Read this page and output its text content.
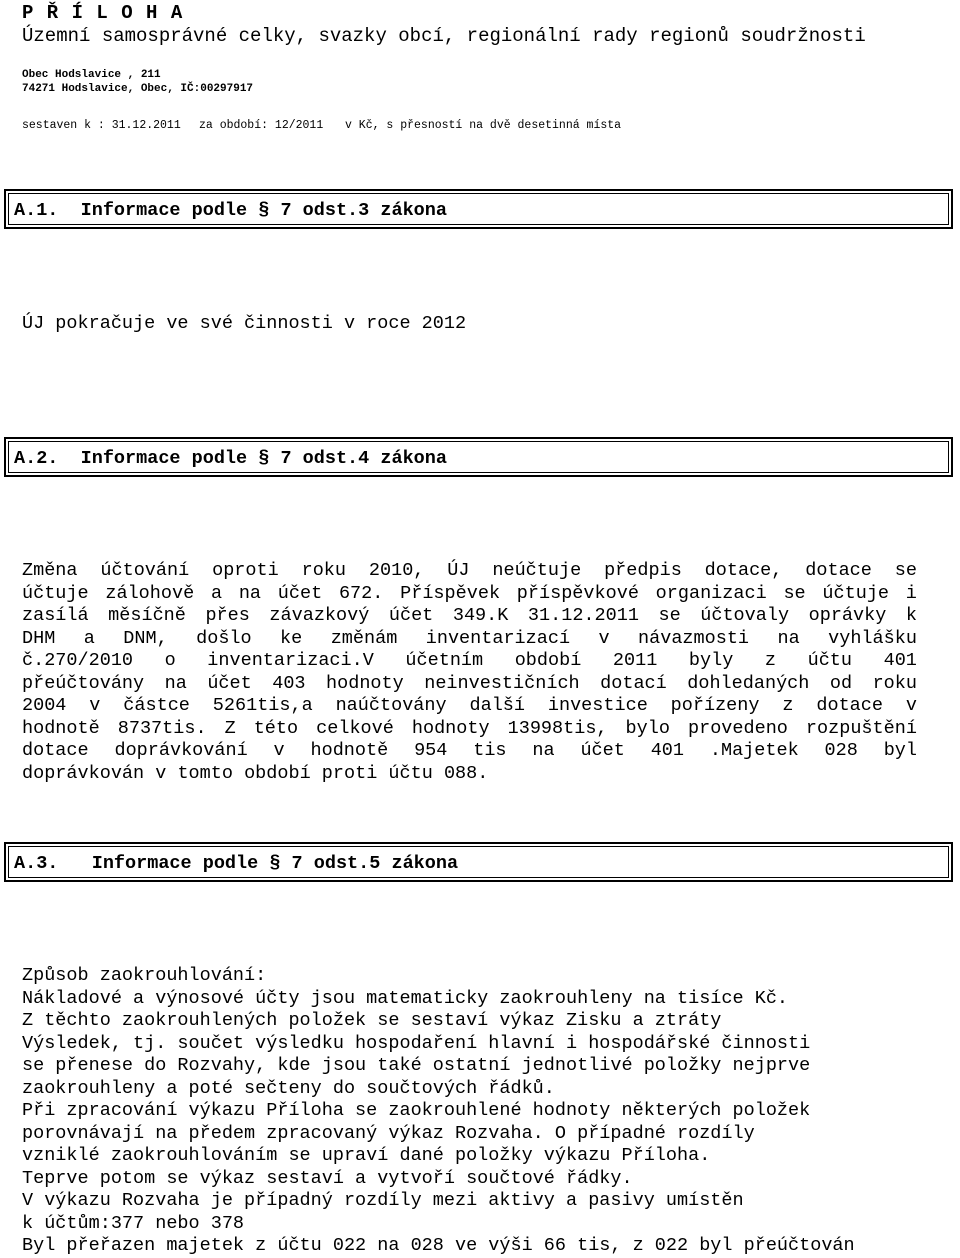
P Ř Í L O H A
Územní samosprávné celky, svazky obcí, regionální rady regionů soudržnosti
Obec Hodslavice , 211
74271 Hodslavice, Obec, IČ:00297917

sestaven k : 31.12.2011

za období: 12/2011

v Kč, s přesností na dvě desetinná místa

A.1.  Informace podle § 7 odst.3 zákona
ÚJ pokračuje ve své činnosti v roce 2012
A.2.  Informace podle § 7 odst.4 zákona
Změna účtování oproti roku 2010, ÚJ neúčtuje předpis dotace, dotace se
účtuje zálohově a na účet 672. Příspěvek příspěvkové organizaci se účtuje i
zasílá měsíčně přes závazkový účet 349.K 31.12.2011 se účtovaly oprávky k
DHM a DNM, došlo ke změnám inventarizací v návazmosti na vyhlášku
č.270/2010 o inventarizaci.V účetním období 2011 byly z účtu 401
přeúčtovány na účet 403 hodnoty neinvestičních dotací dohledaných od roku
2004 v částce 5261tis,a naúčtovány další investice pořízeny z dotace v
hodnotě 8737tis. Z této celkové hodnoty 13998tis, bylo provedeno rozpuštění
dotace doprávkování v hodnotě 954 tis na účet 401 .Majetek 028 byl
doprávkován v tomto období proti účtu 088.
A.3.   Informace podle § 7 odst.5 zákona
Způsob zaokrouhlování:
Nákladové a výnosové účty jsou matematicky zaokrouhleny na tisíce Kč.
Z těchto zaokrouhlených položek se sestaví výkaz Zisku a ztráty
Výsledek, tj. součet výsledku hospodaření hlavní i hospodářské činnosti
se přenese do Rozvahy, kde jsou také ostatní jednotlivé položky nejprve
zaokrouhleny a poté sečteny do součtových řádků.
Při zpracování výkazu Příloha se zaokrouhlené hodnoty některých položek
porovnávají na předem zpracovaný výkaz Rozvaha. O případné rozdíly
vzniklé zaokrouhlováním se upraví dané položky výkazu Příloha.
Teprve potom se výkaz sestaví a vytvoří součtové řádky.
V výkazu Rozvaha je případný rozdíly mezi aktivy a pasivy umístěn
k účtům:377 nebo 378
Byl přeřazen majetek z účtu 022 na 028 ve výši 66 tis, z 022 byl přeúčtován
